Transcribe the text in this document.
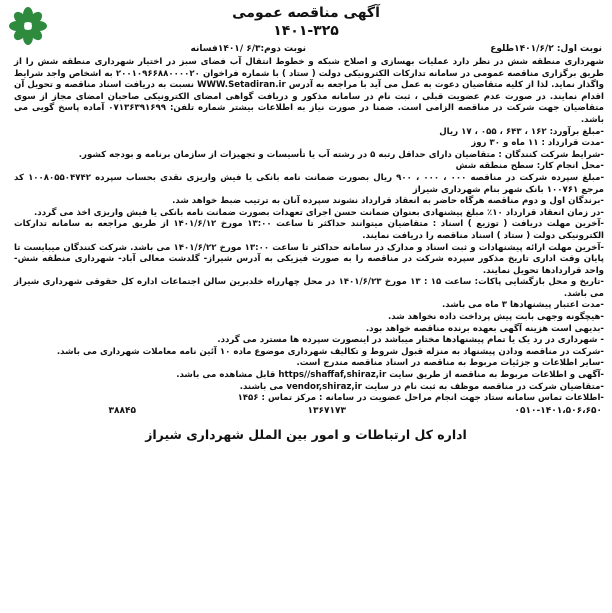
آگهی مناقصه عمومی
۱۴۰۱-۳۲۵
نوبت اول: ۱۴۰۱/۶/۲طلوع
نوبت دوم:۶/۳ /۱۴۰۱فسانه

شهرداری منطقه شش در نظر دارد عملیات بهسازی و اصلاح شبکه و خطوط انتقال آب فضای سبز در اختیار شهرداری منطقه شش را از طریق برگزاری مناقصه عمومی در سامانه تدارکات الکترونیکی دولت ( ستاد ) با شماره فراخوان ۲۰۰۱۰۹۶۶۸۸۰۰۰۰۲۰ به اشخاص واجد شرایط واگذار نماید. لذا از کلیه متقاضیان دعوت به عمل می آید با مراجعه به آدرس WWW.Setadiran.ir نسبت به دریافت اسناد مناقصه و تحویل آن اقدام نمایند. در صورت عدم عضویت قبلی ، ثبت نام در سامانه مذکور و دریافت گواهی امضای الکترونیکی صاحبان امضای مجاز از سوی متقاضیان جهت شرکت در مناقصه الزامی است. ضمنا در صورت نیاز به اطلاعات بیشتر شماره تلفن: ۰۷۱۳۶۳۹۱۶۹۹ آماده پاسخ گویی می باشد.

-مبلغ برآورد: ۱۶۲ ، ۶۴۳ ، ۰۵۵ ، ۱۷ ریال

-مدت قرارداد : ۱۱ ماه و ۳۰ روز

-شرایط شرکت کنندگان : متقاضیان دارای حداقل رتبه ۵ در رشته آب یا تأسیسات و تجهیزات از سازمان برنامه و بودجه کشور.

-محل انجام کار: سطح منطقه شش

-مبلغ سپرده شرکت در مناقصه ۰۰۰ ، ۰۰۰ ، ۹۰۰ ریال بصورت ضمانت نامه بانکی یا فیش واریزی نقدی بحساب سپرده ۱۰۰۸۰۵۵۰۴۷۴۲ کد مرجع ۱۰۰۷۶۱ بانک شهر بنام شهرداری شیراز

-برندگان اول و دوم مناقصه هرگاه حاضر به انعقاد قرارداد نشوند سپرده آنان به ترتیب ضبط خواهد شد.

-در زمان انعقاد قرارداد ۱۰٪ مبلغ پیشنهادی بعنوان ضمانت حسن اجرای تعهدات بصورت ضمانت نامه بانکی یا فیش واریزی اخذ می گردد.

-آخرین مهلت دریافت ( توزیع ) اسناد : متقاضیان میتوانند حداکثر تا ساعت ۱۳:۰۰ مورخ ۱۴۰۱/۶/۱۲ از طریق مراجعه به سامانه تدارکات الکترونیکی دولت ( ستاد ) اسناد مناقصه را دریافت نمایند.

-آخرین مهلت ارائه پیشنهادات و ثبت اسناد و مدارک در سامانه حداکثر تا ساعت ۱۳:۰۰ مورخ ۱۴۰۱/۶/۲۲ می باشد. شرکت کنندگان میبایست تا پایان وقت اداری تاریخ مذکور سپرده شرکت در مناقصه را به صورت فیزیکی به آدرس شیراز- گلدشت معالی آباد- شهرداری منطقه شش- واحد قراردادها تحویل نمایند.

-تاریخ و محل بازگشایی پاکات: ساعت ۱۵ : ۱۳ مورخ ۱۴۰۱/۶/۲۳ در محل چهارراه خلدبرین سالن اجتماعات اداره کل حقوقی شهرداری شیراز می باشد.

-مدت اعتبار پیشنهادها ۳ ماه می باشد.

-هیچگونه وجهی بابت پیش پرداخت داده نخواهد شد.

-بدیهی است هزینه آگهی بعهده برنده مناقصه خواهد بود.

- شهرداری در رد یک یا تمام پیشنهادها مختار میباشد در اینصورت سپرده ها مسترد می گردد.

-شرکت در مناقصه ودادن پیشنهاد به منزله قبول شروط و تکالیف شهرداری موضوع ماده ۱۰ آئین نامه معاملات شهرداری می باشد.

-سایر اطلاعات و جزئیات مربوط به مناقصه در اسناد مناقصه مندرج است.

-آگهی و اطلاعات مربوط به مناقصه از طریق سایت https//shaffaf,shiraz,ir قابل مشاهده می باشد.

-متقاضیان شرکت در مناقصه موظف به ثبت نام در سایت vendor,shiraz,ir می باشند.

-اطلاعات تماس سامانه ستاد جهت انجام مراحل عضویت در سامانه : مرکز تماس : ۱۴۵۶

۰۵۱۰-۱۴۰۱،۵۰۶،۶۵۰
۱۳۶۷۱۷۳
۳۸۸۴۵
اداره کل ارتباطات و امور بین الملل شهرداری شیراز
